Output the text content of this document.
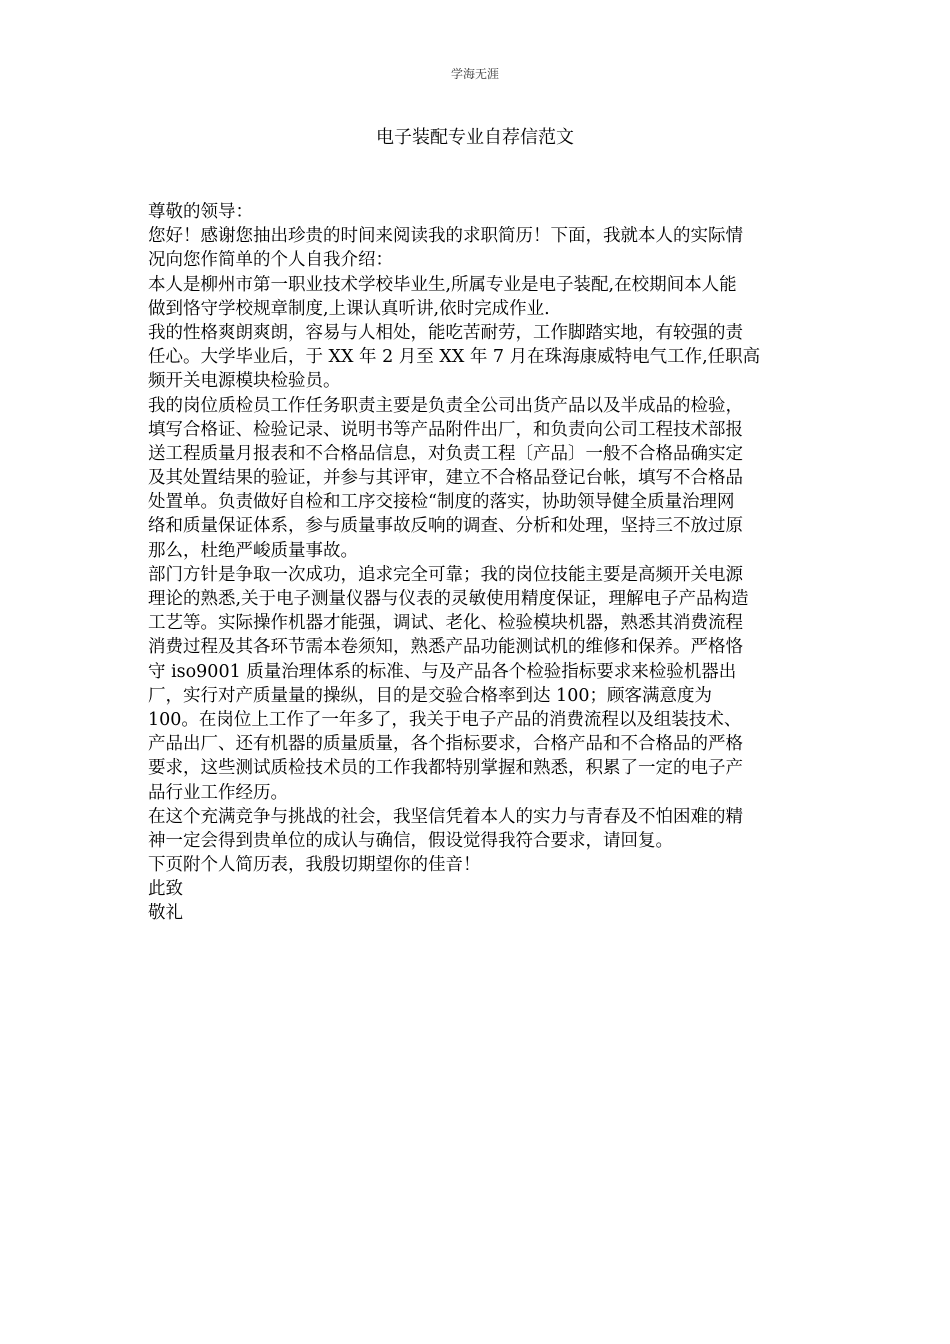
学海无涯
电子装配专业自荐信范文
尊敬的领导：
您好！感谢您抽出珍贵的时间来阅读我的求职简历！下面，我就本人的实际情
况向您作简单的个人自我介绍：
本人是柳州市第一职业技术学校毕业生,所属专业是电子装配,在校期间本人能
做到恪守学校规章制度,上课认真听讲,依时完成作业.
我的性格爽朗爽朗，容易与人相处，能吃苦耐劳，工作脚踏实地，有较强的责
任心。大学毕业后，于 XX 年 2 月至 XX 年 7 月在珠海康威特电气工作,任职高
频开关电源模块检验员。
我的岗位质检员工作任务职责主要是负责全公司出货产品以及半成品的检验，
填写合格证、检验记录、说明书等产品附件出厂，和负责向公司工程技术部报
送工程质量月报表和不合格品信息，对负责工程〔产品〕一般不合格品确实定
及其处置结果的验证，并参与其评审，建立不合格品登记台帐，填写不合格品
处置单。负责做好自检和工序交接检“制度的落实，协助领导健全质量治理网
络和质量保证体系，参与质量事故反响的调查、分析和处理，坚持三不放过原
那么，杜绝严峻质量事故。
部门方针是争取一次成功，追求完全可靠；我的岗位技能主要是高频开关电源
理论的熟悉,关于电子测量仪器与仪表的灵敏使用精度保证，理解电子产品构造
工艺等。实际操作机器才能强，调试、老化、检验模块机器，熟悉其消费流程
消费过程及其各环节需本卷须知，熟悉产品功能测试机的维修和保养。严格恪
守 iso9001 质量治理体系的标准、与及产品各个检验指标要求来检验机器出
厂，实行对产质量量的操纵，目的是交验合格率到达 100；顾客满意度为
100。在岗位上工作了一年多了，我关于电子产品的消费流程以及组装技术、
产品出厂、还有机器的质量质量，各个指标要求，合格产品和不合格品的严格
要求，这些测试质检技术员的工作我都特别掌握和熟悉，积累了一定的电子产
品行业工作经历。
在这个充满竞争与挑战的社会，我坚信凭着本人的实力与青春及不怕困难的精
神一定会得到贵单位的成认与确信，假设觉得我符合要求，请回复。
下页附个人简历表，我殷切期望你的佳音！
此致
敬礼
